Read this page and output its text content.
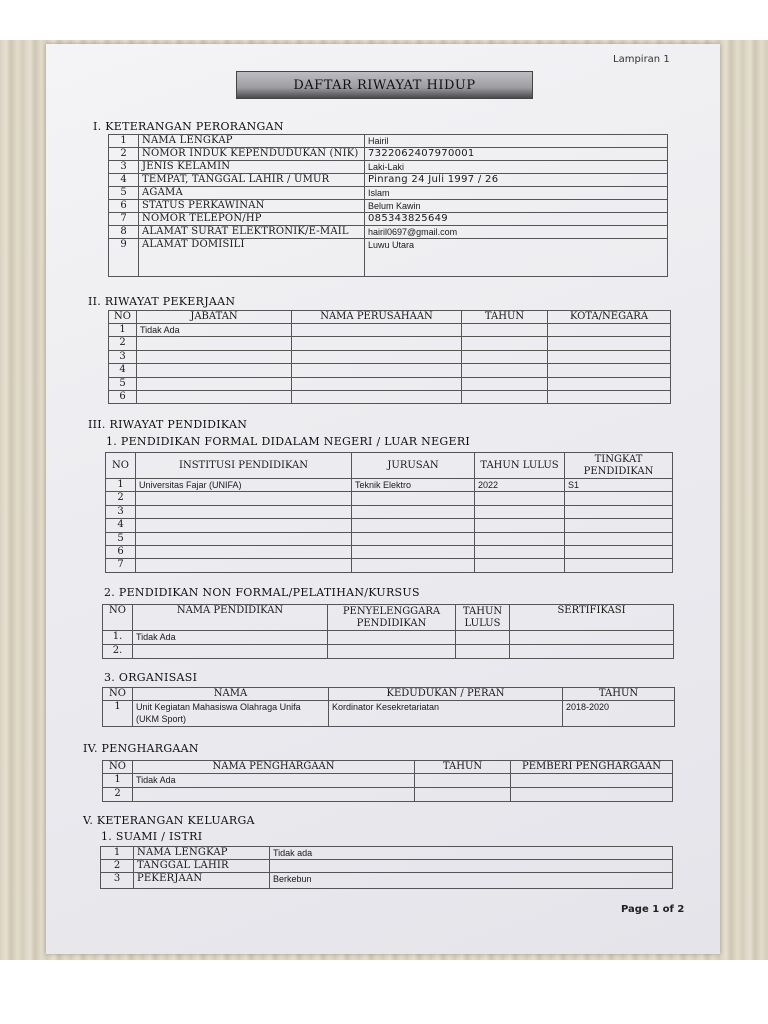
Lampiran 1
DAFTAR RIWAYAT HIDUP
I. KETERANGAN PERORANGAN
1	NAMA LENGKAP	Hairil
2	NOMOR INDUK KEPENDUDUKAN (NIK)	7322062407970001
3	JENIS KELAMIN	Laki-Laki
4	TEMPAT, TANGGAL LAHIR / UMUR	Pinrang 24 Juli 1997 / 26
5	AGAMA	Islam
6	STATUS PERKAWINAN	Belum Kawin
7	NOMOR TELEPON/HP	085343825649
8	ALAMAT SURAT ELEKTRONIK/E-MAIL	hairil0697@gmail.com
9	ALAMAT DOMISILI	Luwu Utara
II. RIWAYAT PEKERJAAN
NO	JABATAN	NAMA PERUSAHAAN	TAHUN	KOTA/NEGARA
1	Tidak Ada			
2				
3				
4				
5				
6				
III. RIWAYAT PENDIDIKAN
1. PENDIDIKAN FORMAL DIDALAM NEGERI / LUAR NEGERI
NO	INSTITUSI PENDIDIKAN	JURUSAN	TAHUN LULUS	TINGKAT PENDIDIKAN
1	Universitas Fajar (UNIFA)	Teknik Elektro	2022	S1
2				
3				
4				
5				
6				
7				
2. PENDIDIKAN NON FORMAL/PELATIHAN/KURSUS
NO	NAMA PENDIDIKAN	PENYELENGGARA PENDIDIKAN	TAHUN LULUS	SERTIFIKASI
1.	Tidak Ada			
2.				
3. ORGANISASI
NO	NAMA	KEDUDUKAN / PERAN	TAHUN
1	Unit Kegiatan Mahasiswa Olahraga Unifa (UKM Sport)	Kordinator Kesekretariatan	2018-2020
IV. PENGHARGAAN
NO	NAMA PENGHARGAAN	TAHUN	PEMBERI PENGHARGAAN
1	Tidak Ada		
2			
V. KETERANGAN KELUARGA
1. SUAMI / ISTRI
1	NAMA LENGKAP	Tidak ada
2	TANGGAL LAHIR	
3	PEKERJAAN	Berkebun
Page 1 of 2
